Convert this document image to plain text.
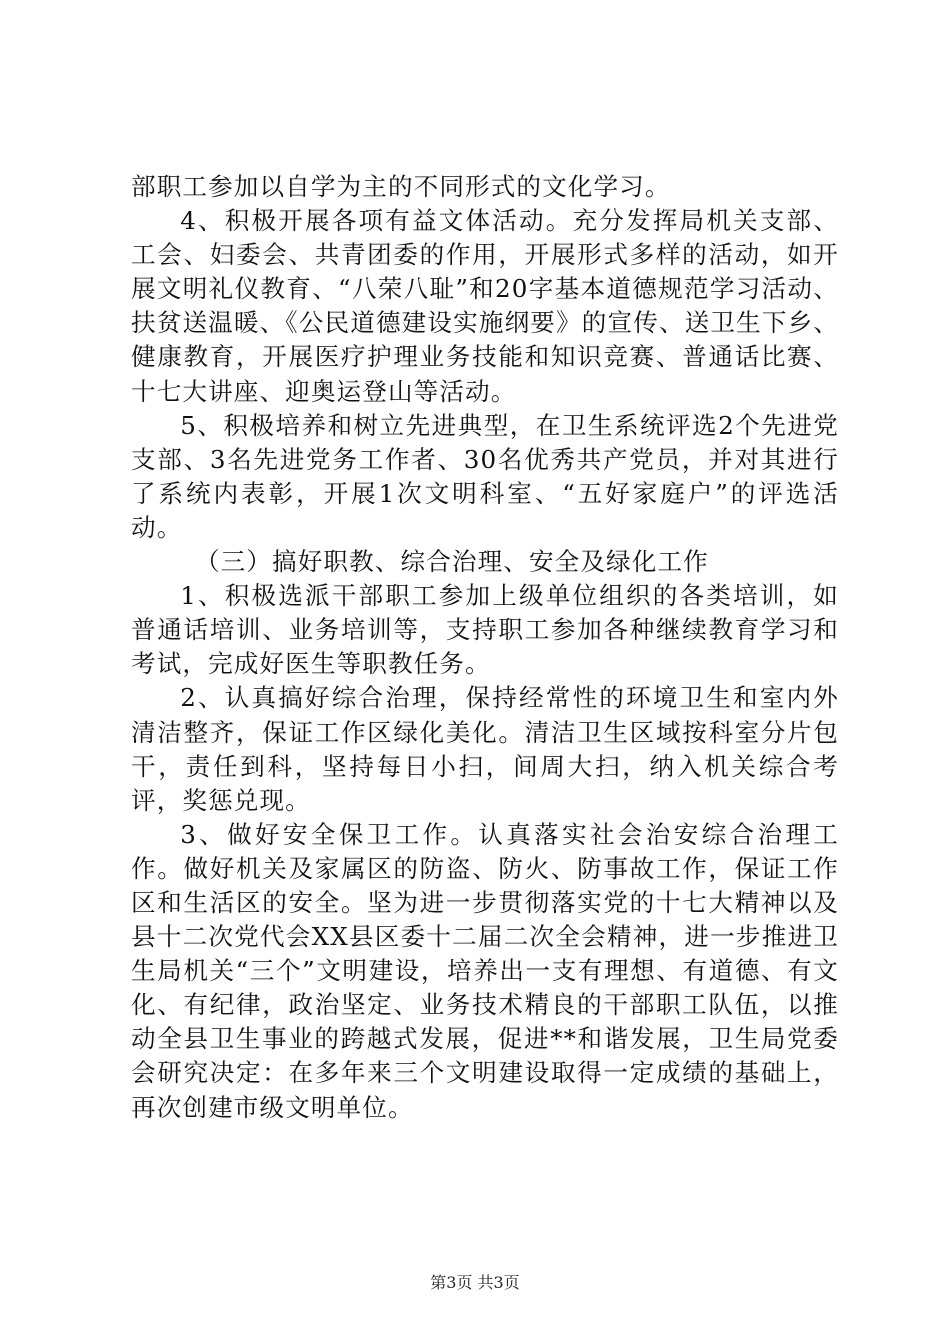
部职工参加以自学为主的不同形式的文化学习。

4、积极开展各项有益文体活动。充分发挥局机关支部、工会、妇委会、共青团委的作用，开展形式多样的活动，如开展文明礼仪教育、“八荣八耻”和20字基本道德规范学习活动、扶贫送温暖、《公民道德建设实施纲要》的宣传、送卫生下乡、健康教育，开展医疗护理业务技能和知识竞赛、普通话比赛、十七大讲座、迎奥运登山等活动。

5、积极培养和树立先进典型，在卫生系统评选2个先进党支部、3名先进党务工作者、30名优秀共产党员，并对其进行了系统内表彰，开展1次文明科室、“五好家庭户”的评选活动。

（三）搞好职教、综合治理、安全及绿化工作

1、积极选派干部职工参加上级单位组织的各类培训，如普通话培训、业务培训等，支持职工参加各种继续教育学习和考试，完成好医生等职教任务。

2、认真搞好综合治理，保持经常性的环境卫生和室内外清洁整齐，保证工作区绿化美化。清洁卫生区域按科室分片包干，责任到科，坚持每日小扫，间周大扫，纳入机关综合考评，奖惩兑现。

3、做好安全保卫工作。认真落实社会治安综合治理工作。做好机关及家属区的防盗、防火、防事故工作，保证工作区和生活区的安全。坚为进一步贯彻落实党的十七大精神以及县十二次党代会XX县区委十二届二次全会精神，进一步推进卫生局机关“三个”文明建设，培养出一支有理想、有道德、有文化、有纪律，政治坚定、业务技术精良的干部职工队伍，以推动全县卫生事业的跨越式发展，促进**和谐发展，卫生局党委会研究决定：在多年来三个文明建设取得一定成绩的基础上，再次创建市级文明单位。

第3页 共3页
